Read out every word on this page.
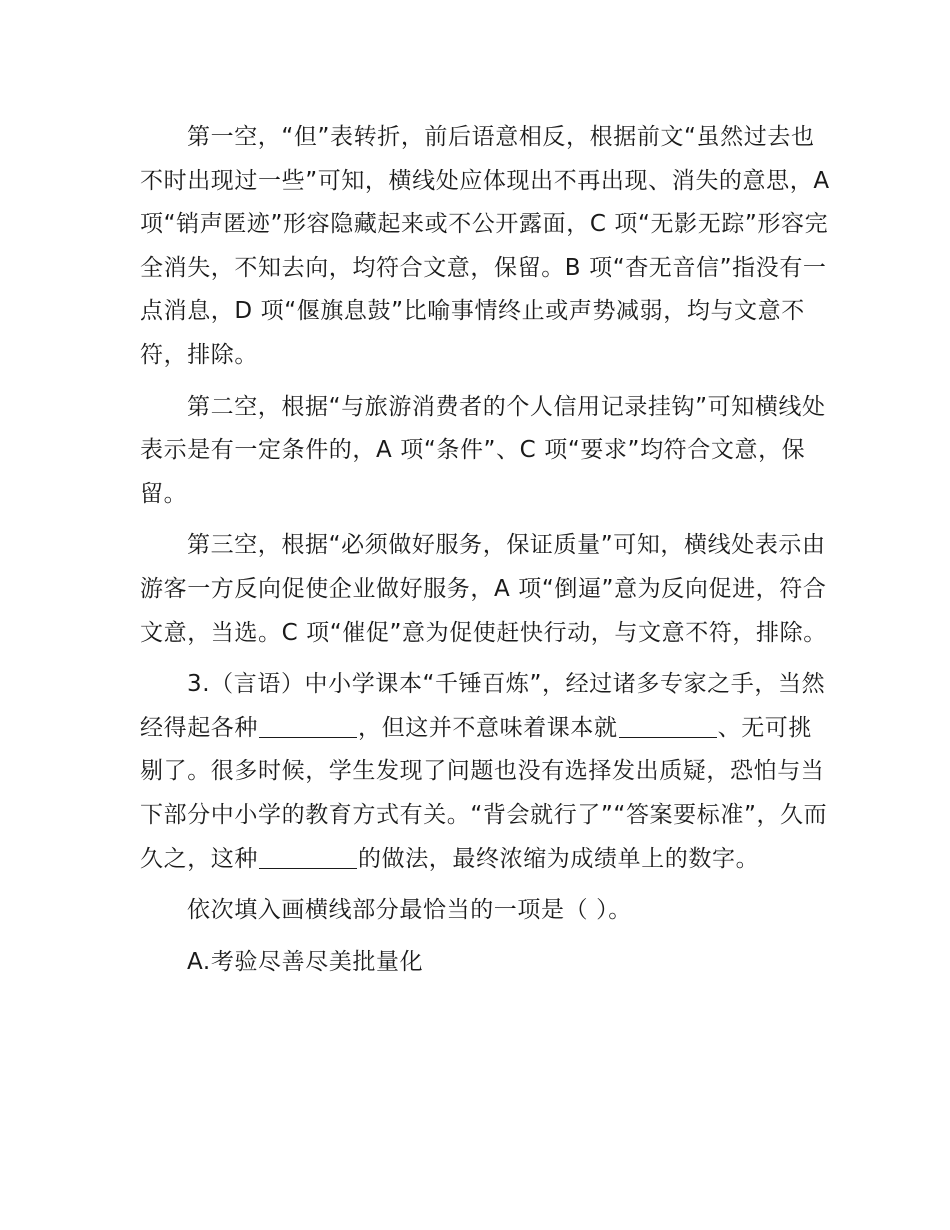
第一空，“但”表转折，前后语意相反，根据前文“虽然过去也不时出现过一些”可知，横线处应体现出不再出现、消失的意思，A 项“销声匿迹”形容隐藏起来或不公开露面，C 项“无影无踪”形容完全消失，不知去向，均符合文意，保留。B 项“杳无音信”指没有一点消息，D 项“偃旗息鼓”比喻事情终止或声势减弱，均与文意不符，排除。

第二空，根据“与旅游消费者的个人信用记录挂钩”可知横线处表示是有一定条件的，A 项“条件”、C 项“要求”均符合文意，保留。

第三空，根据“必须做好服务，保证质量”可知，横线处表示由游客一方反向促使企业做好服务，A 项“倒逼”意为反向促进，符合文意，当选。C 项“催促”意为促使赶快行动，与文意不符，排除。

3.（言语）中小学课本“千锤百炼”，经过诸多专家之手，当然经得起各种	，但这并不意味着课本就	、无可挑剔了。很多时候，学生发现了问题也没有选择发出质疑，恐怕与当下部分中小学的教育方式有关。“背会就行了”“答案要标准”，久而久之，这种	的做法，最终浓缩为成绩单上的数字。

依次填入画横线部分最恰当的一项是（ ）。

A.考验尽善尽美批量化
